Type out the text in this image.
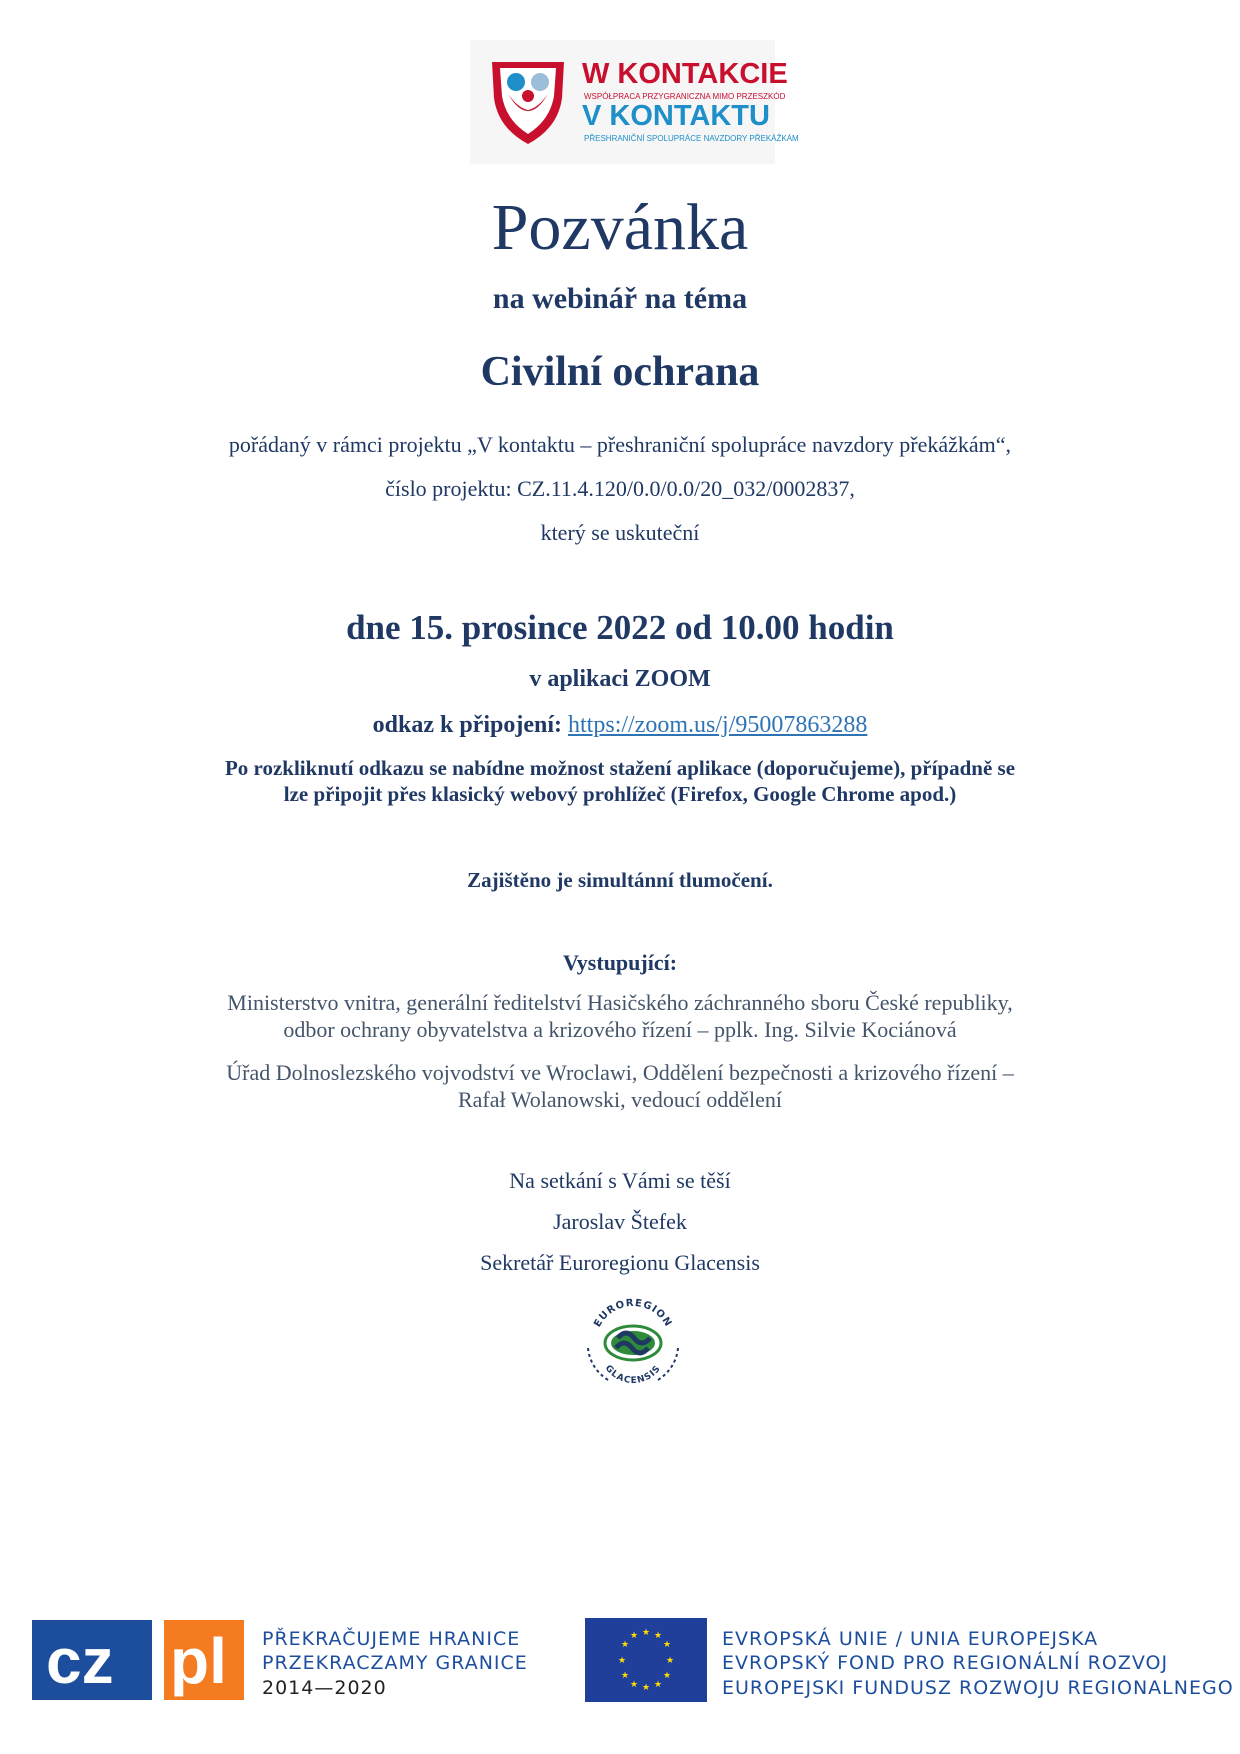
W KONTAKCIE
WSPÓŁPRACA PRZYGRANICZNA MIMO PRZESZKÓD
V KONTAKTU
PŘESHRANIČNÍ SPOLUPRÁCE NAVZDORY PŘEKÁŽKÁM
Pozvánka
na webinář na téma
Civilní ochrana
pořádaný v rámci projektu „V kontaktu – přeshraniční spolupráce navzdory překážkám“,
číslo projektu: CZ.11.4.120/0.0/0.0/20_032/0002837,
který se uskuteční
dne 15. prosince 2022 od 10.00 hodin
v aplikaci ZOOM
odkaz k připojení: https://zoom.us/j/95007863288
Po rozkliknutí odkazu se nabídne možnost stažení aplikace (doporučujeme), případně se
lze připojit přes klasický webový prohlížeč (Firefox, Google Chrome apod.)
Zajištěno je simultánní tlumočení.
Vystupující:
Ministerstvo vnitra, generální ředitelství Hasičského záchranného sboru České republiky,
odbor ochrany obyvatelstva a krizového řízení – pplk. Ing. Silvie Kociánová
Úřad Dolnoslezského vojvodství ve Wroclawi, Oddělení bezpečnosti a krizového řízení –
Rafał Wolanowski, vedoucí oddělení
Na setkání s Vámi se těší
Jaroslav Štefek
Sekretář Euroregionu Glacensis
EUROREGION
GLACENSIS
cz pl PŘEKRAČUJEME HRANICE
PRZEKRACZAMY GRANICE
2014—2020
★ ★
★
★
★
★
★
★
★
★
★
★	EVROPSKÁ UNIE / UNIA EUROPEJSKA
EVROPSKÝ FOND PRO REGIONÁLNÍ ROZVOJ
EUROPEJSKI FUNDUSZ ROZWOJU REGIONALNEGO
